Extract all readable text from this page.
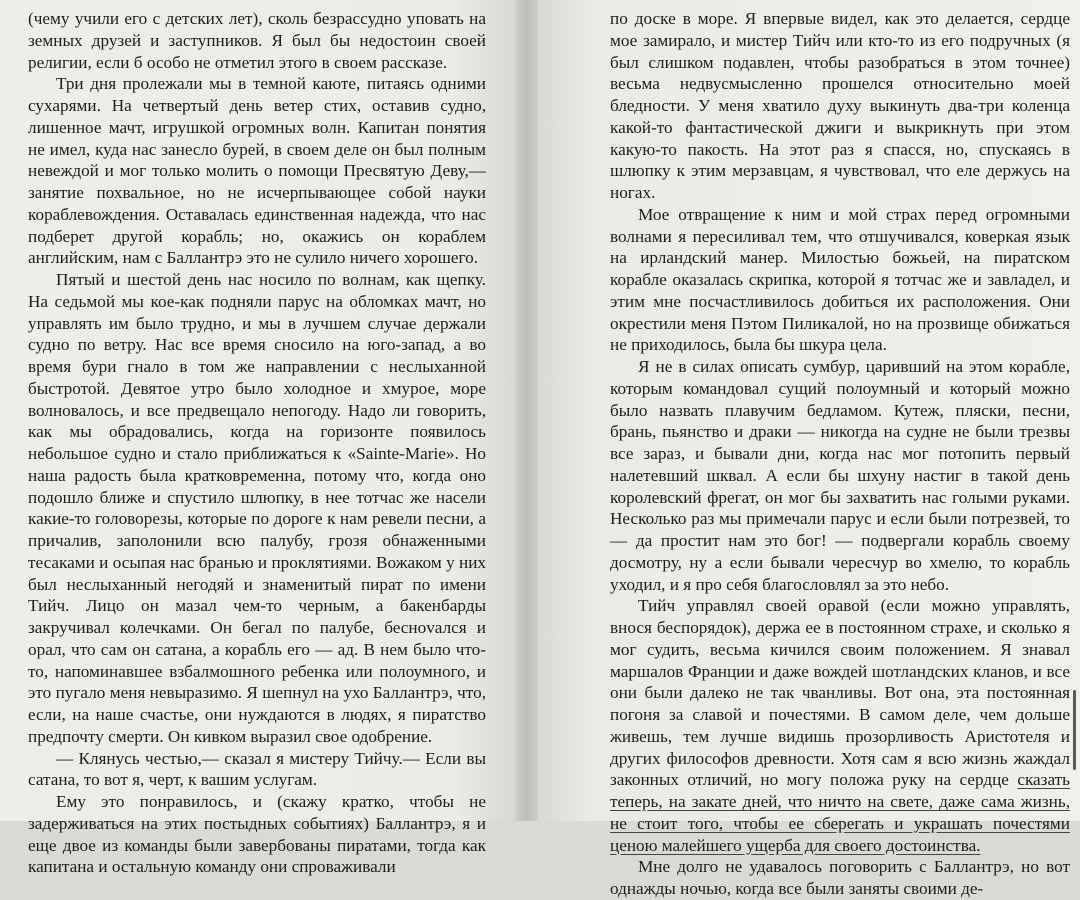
(чему учили его с детских лет), сколь безрассудно уповать на земных друзей и заступников. Я был бы недостоин своей религии, если б особо не отметил этого в своем рассказе.

Три дня пролежали мы в темной каюте, питаясь одними сухарями. На четвертый день ветер стих, оставив судно, лишенное мачт, игрушкой огромных волн. Капитан понятия не имел, куда нас занесло бурей, в своем деле он был полным невеждой и мог только молить о помощи Пресвятую Деву,— занятие похвальное, но не исчерпывающее собой науки кораблевождения. Оставалась единственная надежда, что нас подберет другой корабль; но, окажись он кораблем английским, нам с Баллантрэ это не сулило ничего хорошего.

Пятый и шестой день нас носило по волнам, как щепку. На седьмой мы кое-как подняли парус на обломках мачт, но управлять им было трудно, и мы в лучшем случае держали судно по ветру. Нас все время сносило на юго-запад, а во время бури гнало в том же направлении с неслыханной быстротой. Девятое утро было холодное и хмурое, море волновалось, и все предвещало непогоду. Надо ли говорить, как мы обрадовались, когда на горизонте появилось небольшое судно и стало приближаться к «Sainte-Marie». Но наша радость была кратковременна, потому что, когда оно подошло ближе и спустило шлюпку, в нее тотчас же насели какие-то головорезы, которые по дороге к нам ревели песни, а причалив, заполонили всю палубу, грозя обнаженными тесаками и осыпая нас бранью и проклятиями. Вожаком у них был неслыханный негодяй и знаменитый пират по имени Тийч. Лицо он мазал чем-то черным, а бакенбарды закручивал колечками. Он бегал по палубе, беснovался и орал, что сам он сатана, а корабль его — ад. В нем было что-то, напоминавшее взбалмошного ребенка или полоумного, и это пугало меня невыразимо. Я шепнул на ухо Баллантрэ, что, если, на наше счастье, они нуждаются в людях, я пиратство предпочту смерти. Он кивком выразил свое одобрение.

— Клянусь честью,— сказал я мистеру Тийчу.— Если вы сатана, то вот я, черт, к вашим услугам.

Ему это понравилось, и (скажу кратко, чтобы не задерживаться на этих постыдных событиях) Баллантрэ, я и еще двое из команды были завербованы пиратами, тогда как капитана и остальную команду они спроваживали

по доске в море. Я впервые видел, как это делается, сердце мое замирало, и мистер Тийч или кто-то из его подручных (я был слишком подавлен, чтобы разобраться в этом точнее) весьма недвусмысленно прошелся относительно моей бледности. У меня хватило духу выкинуть два-три коленца какой-то фантастической джиги и выкрикнуть при этом какую-то пакость. На этот раз я спасся, но, спускаясь в шлюпку к этим мерзавцам, я чувствовал, что еле держусь на ногах.

Мое отвращение к ним и мой страх перед огромными волнами я пересиливал тем, что отшучивался, коверкая язык на ирландский манер. Милостью божьей, на пиратском корабле оказалась скрипка, которой я тотчас же и завладел, и этим мне посчастливилось добиться их расположения. Они окрестили меня Пэтом Пиликалой, но на прозвище обижаться не приходилось, была бы шкура цела.

Я не в силах описать сумбур, царивший на этом корабле, которым командовал сущий полоумный и который можно было назвать плавучим бедламом. Кутеж, пляски, песни, брань, пьянство и драки — никогда на судне не были трезвы все зараз, и бывали дни, когда нас мог потопить первый налетевший шквал. А если бы шхуну настиг в такой день королевский фрегат, он мог бы захватить нас голыми руками. Несколько раз мы примечали парус и если были потрезвей, то — да простит нам это бог! — подвергали корабль своему досмотру, ну а если бывали чересчур во хмелю, то корабль уходил, и я про себя благословлял за это небо.

Тийч управлял своей оравой (если можно управлять, внося беспорядок), держа ее в постоянном страхе, и сколько я мог судить, весьма кичился своим положением. Я знавал маршалов Франции и даже вождей шотландских кланов, и все они были далеко не так чванливы. Вот она, эта постоянная погоня за славой и почестями. В самом деле, чем дольше живешь, тем лучше видишь прозорливость Аристотеля и других философов древности. Хотя сам я всю жизнь жаждал законных отличий, но могу положа руку на сердце сказать теперь, на закате дней, что ничто на свете, даже сама жизнь, не стоит того, чтобы ее сберегать и украшать почестями ценою малейшего ущерба для своего достоинства.

Мне долго не удавалось поговорить с Баллантрэ, но вот однажды ночью, когда все были заняты своими де-
